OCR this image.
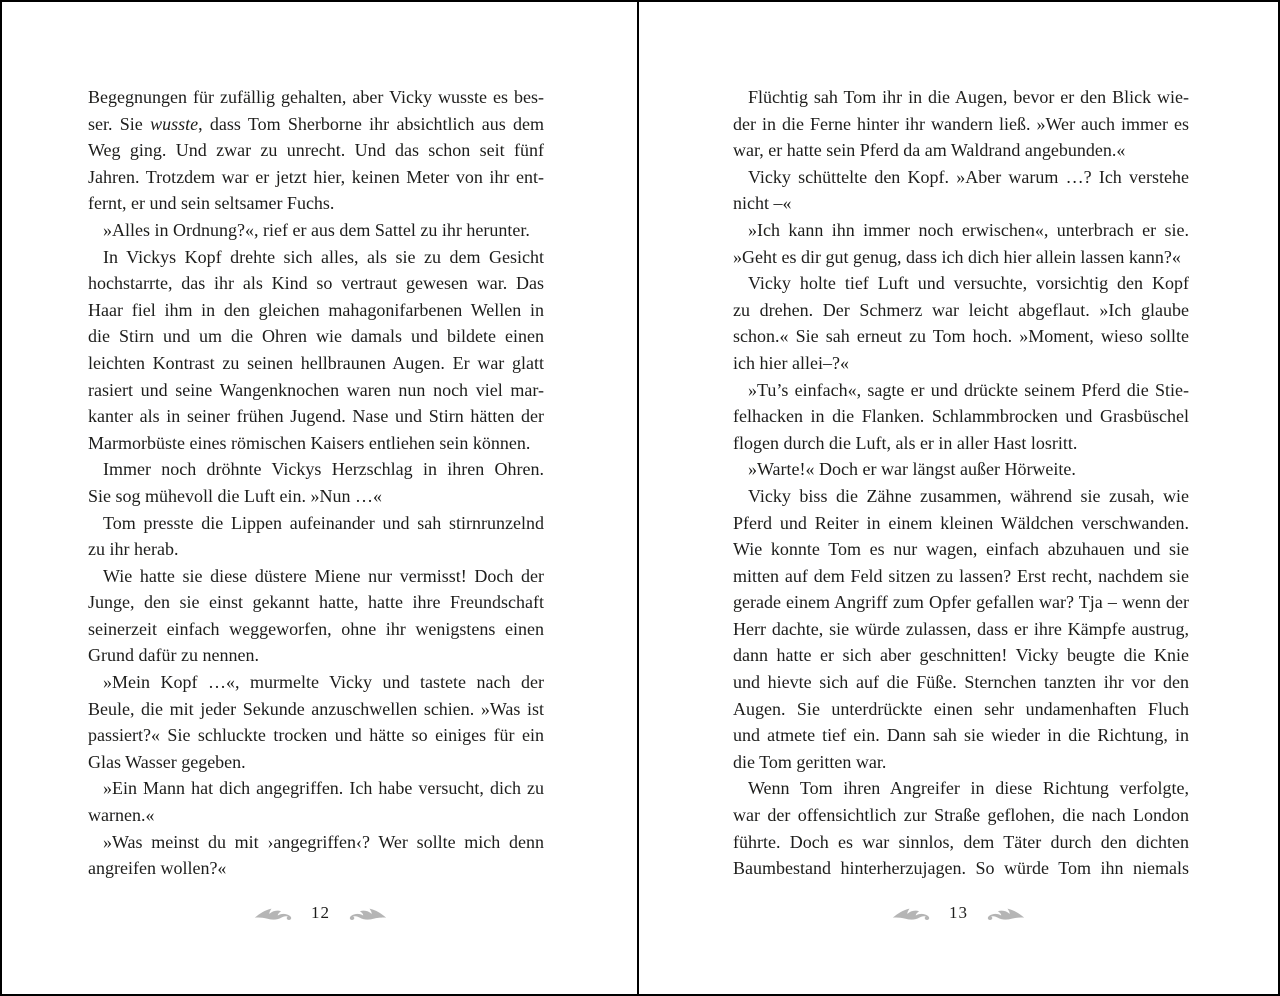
Begegnungen für zufällig gehalten, aber Vicky wusste es bes-
ser. Sie wusste, dass Tom Sherborne ihr absichtlich aus dem
Weg ging. Und zwar zu unrecht. Und das schon seit fünf
Jahren. Trotzdem war er jetzt hier, keinen Meter von ihr ent-
fernt, er und sein seltsamer Fuchs.
»Alles in Ordnung?«, rief er aus dem Sattel zu ihr herunter.
In Vickys Kopf drehte sich alles, als sie zu dem Gesicht
hochstarrte, das ihr als Kind so vertraut gewesen war. Das
Haar fiel ihm in den gleichen mahagonifarbenen Wellen in
die Stirn und um die Ohren wie damals und bildete einen
leichten Kontrast zu seinen hellbraunen Augen. Er war glatt
rasiert und seine Wangenknochen waren nun noch viel mar-
kanter als in seiner frühen Jugend. Nase und Stirn hätten der
Marmorbüste eines römischen Kaisers entliehen sein können.
Immer noch dröhnte Vickys Herzschlag in ihren Ohren.
Sie sog mühevoll die Luft ein. »Nun …«
Tom presste die Lippen aufeinander und sah stirnrunzelnd
zu ihr herab.
Wie hatte sie diese düstere Miene nur vermisst! Doch der
Junge, den sie einst gekannt hatte, hatte ihre Freundschaft
seinerzeit einfach weggeworfen, ohne ihr wenigstens einen
Grund dafür zu nennen.
»Mein Kopf …«, murmelte Vicky und tastete nach der
Beule, die mit jeder Sekunde anzuschwellen schien. »Was ist
passiert?« Sie schluckte trocken und hätte so einiges für ein
Glas Wasser gegeben.
»Ein Mann hat dich angegriffen. Ich habe versucht, dich zu
warnen.«
»Was meinst du mit ›angegriffen‹? Wer sollte mich denn
angreifen wollen?«
12
Flüchtig sah Tom ihr in die Augen, bevor er den Blick wie-
der in die Ferne hinter ihr wandern ließ. »Wer auch immer es
war, er hatte sein Pferd da am Waldrand angebunden.«
Vicky schüttelte den Kopf. »Aber warum …? Ich verstehe
nicht –«
»Ich kann ihn immer noch erwischen«, unterbrach er sie.
»Geht es dir gut genug, dass ich dich hier allein lassen kann?«
Vicky holte tief Luft und versuchte, vorsichtig den Kopf
zu drehen. Der Schmerz war leicht abgeflaut. »Ich glaube
schon.« Sie sah erneut zu Tom hoch. »Moment, wieso sollte
ich hier allei–?«
»Tu’s einfach«, sagte er und drückte seinem Pferd die Stie-
felhacken in die Flanken. Schlammbrocken und Grasbüschel
flogen durch die Luft, als er in aller Hast losritt.
»Warte!« Doch er war längst außer Hörweite.
Vicky biss die Zähne zusammen, während sie zusah, wie
Pferd und Reiter in einem kleinen Wäldchen verschwanden.
Wie konnte Tom es nur wagen, einfach abzuhauen und sie
mitten auf dem Feld sitzen zu lassen? Erst recht, nachdem sie
gerade einem Angriff zum Opfer gefallen war? Tja – wenn der
Herr dachte, sie würde zulassen, dass er ihre Kämpfe austrug,
dann hatte er sich aber geschnitten! Vicky beugte die Knie
und hievte sich auf die Füße. Sternchen tanzten ihr vor den
Augen. Sie unterdrückte einen sehr undamenhaften Fluch
und atmete tief ein. Dann sah sie wieder in die Richtung, in
die Tom geritten war.
Wenn Tom ihren Angreifer in diese Richtung verfolgte,
war der offensichtlich zur Straße geflohen, die nach London
führte. Doch es war sinnlos, dem Täter durch den dichten
Baumbestand hinterherzujagen. So würde Tom ihn niemals
13
